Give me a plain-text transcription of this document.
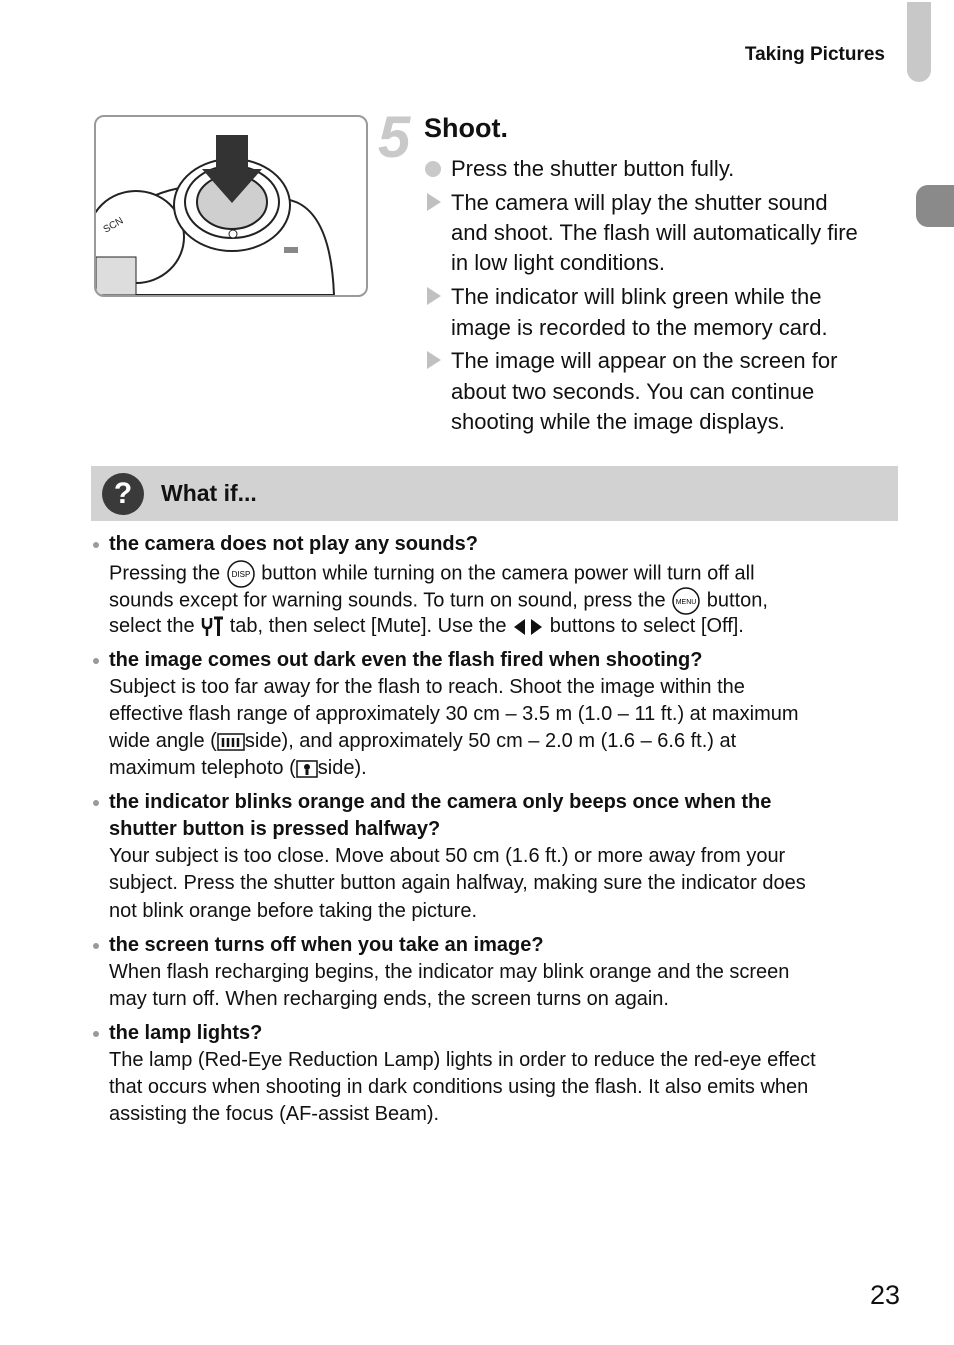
Taking Pictures
SCN
5 Shoot.
Press the shutter button fully.
The camera will play the shutter sound
and shoot. The flash will automatically fire
in low light conditions.
The indicator will blink green while the
image is recorded to the memory card.
The image will appear on the screen for
about two seconds. You can continue
shooting while the image displays.
?	What if...
the camera does not play any sounds?
Pressing the DISP button while turning on the camera power will turn off all
sounds except for warning sounds. To turn on sound, press the MENU button,
select the tab, then select [Mute]. Use the buttons to select [Off].
the image comes out dark even the flash fired when shooting?
Subject is too far away for the flash to reach. Shoot the image within the
effective flash range of approximately 30 cm – 3.5 m (1.0 – 11 ft.) at maximum
wide angle ( side), and approximately 50 cm – 2.0 m (1.6 – 6.6 ft.) at
maximum telephoto ( side).
the indicator blinks orange and the camera only beeps once when the
shutter button is pressed halfway?
Your subject is too close. Move about 50 cm (1.6 ft.) or more away from your
subject. Press the shutter button again halfway, making sure the indicator does
not blink orange before taking the picture.
the screen turns off when you take an image?
When flash recharging begins, the indicator may blink orange and the screen
may turn off. When recharging ends, the screen turns on again.
the lamp lights?
The lamp (Red-Eye Reduction Lamp) lights in order to reduce the red-eye effect
that occurs when shooting in dark conditions using the flash. It also emits when
assisting the focus (AF-assist Beam).
23
